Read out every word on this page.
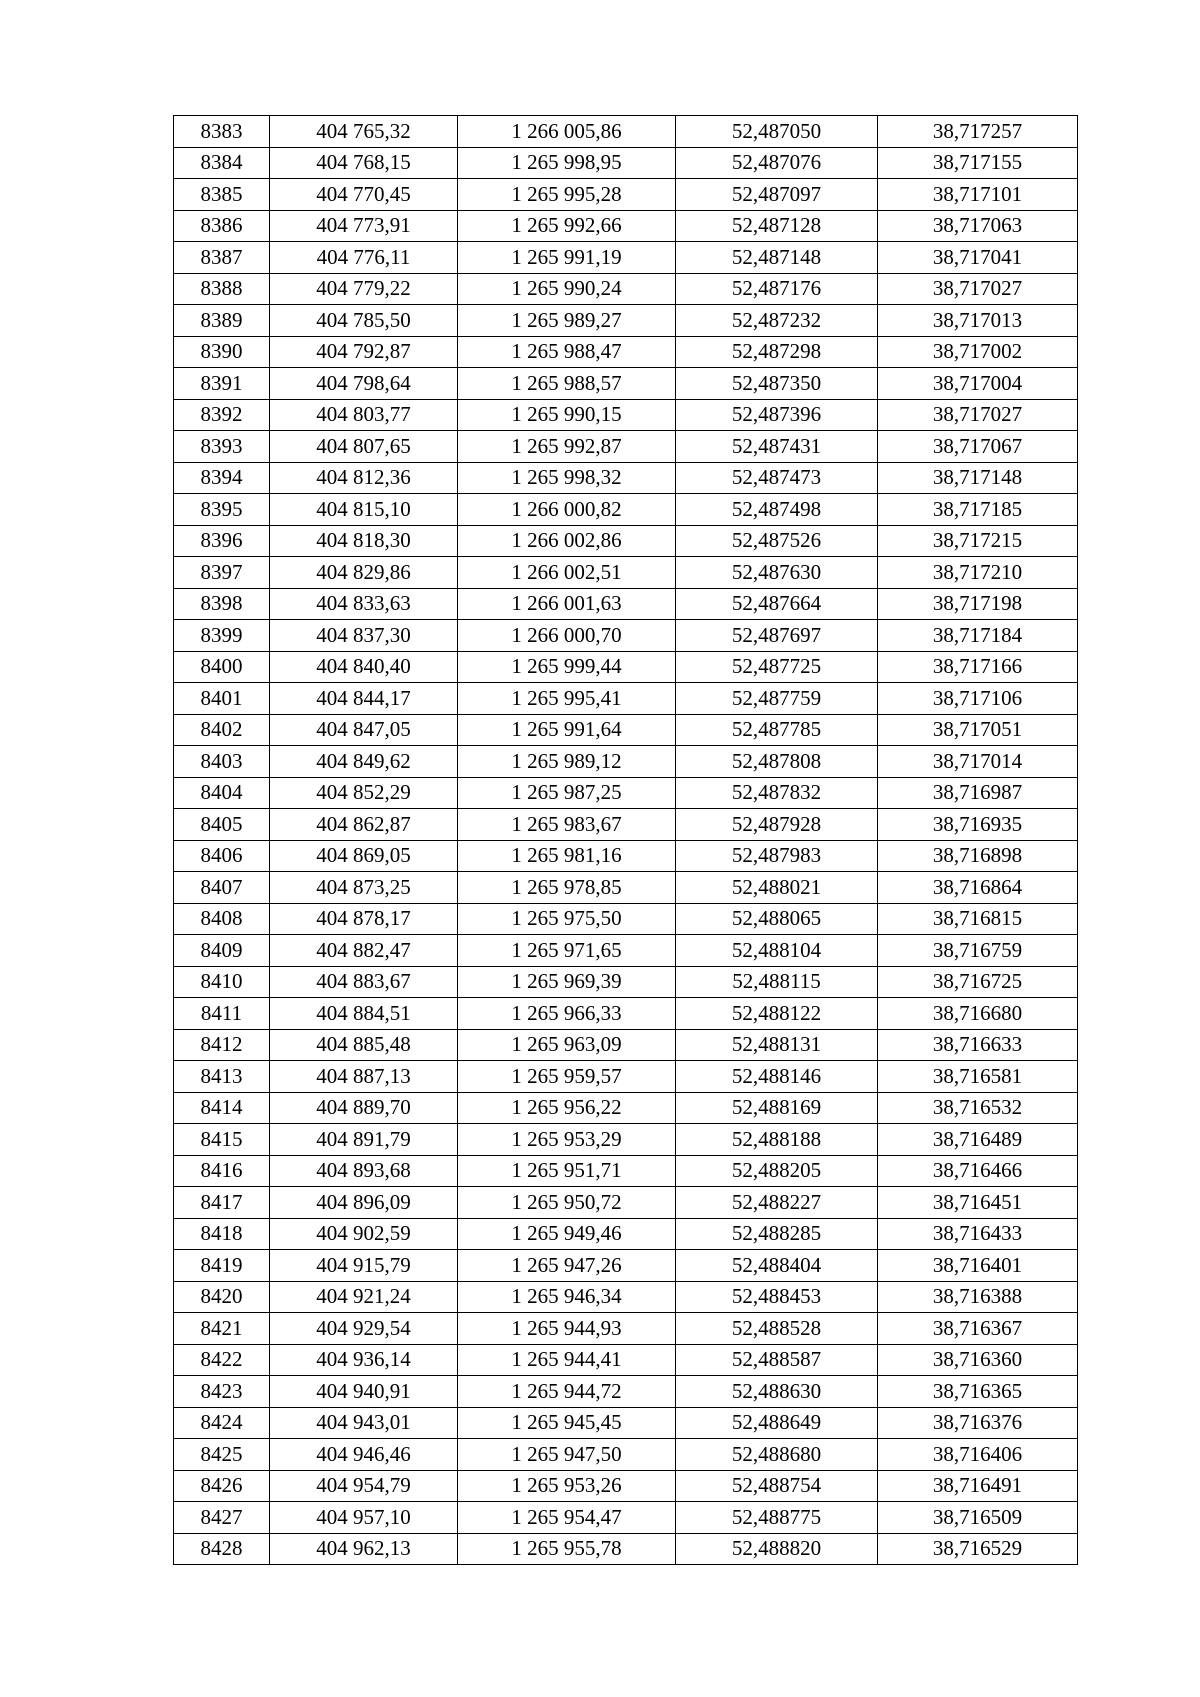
8383	404 765,32	1 266 005,86	52,487050	38,717257
8384	404 768,15	1 265 998,95	52,487076	38,717155
8385	404 770,45	1 265 995,28	52,487097	38,717101
8386	404 773,91	1 265 992,66	52,487128	38,717063
8387	404 776,11	1 265 991,19	52,487148	38,717041
8388	404 779,22	1 265 990,24	52,487176	38,717027
8389	404 785,50	1 265 989,27	52,487232	38,717013
8390	404 792,87	1 265 988,47	52,487298	38,717002
8391	404 798,64	1 265 988,57	52,487350	38,717004
8392	404 803,77	1 265 990,15	52,487396	38,717027
8393	404 807,65	1 265 992,87	52,487431	38,717067
8394	404 812,36	1 265 998,32	52,487473	38,717148
8395	404 815,10	1 266 000,82	52,487498	38,717185
8396	404 818,30	1 266 002,86	52,487526	38,717215
8397	404 829,86	1 266 002,51	52,487630	38,717210
8398	404 833,63	1 266 001,63	52,487664	38,717198
8399	404 837,30	1 266 000,70	52,487697	38,717184
8400	404 840,40	1 265 999,44	52,487725	38,717166
8401	404 844,17	1 265 995,41	52,487759	38,717106
8402	404 847,05	1 265 991,64	52,487785	38,717051
8403	404 849,62	1 265 989,12	52,487808	38,717014
8404	404 852,29	1 265 987,25	52,487832	38,716987
8405	404 862,87	1 265 983,67	52,487928	38,716935
8406	404 869,05	1 265 981,16	52,487983	38,716898
8407	404 873,25	1 265 978,85	52,488021	38,716864
8408	404 878,17	1 265 975,50	52,488065	38,716815
8409	404 882,47	1 265 971,65	52,488104	38,716759
8410	404 883,67	1 265 969,39	52,488115	38,716725
8411	404 884,51	1 265 966,33	52,488122	38,716680
8412	404 885,48	1 265 963,09	52,488131	38,716633
8413	404 887,13	1 265 959,57	52,488146	38,716581
8414	404 889,70	1 265 956,22	52,488169	38,716532
8415	404 891,79	1 265 953,29	52,488188	38,716489
8416	404 893,68	1 265 951,71	52,488205	38,716466
8417	404 896,09	1 265 950,72	52,488227	38,716451
8418	404 902,59	1 265 949,46	52,488285	38,716433
8419	404 915,79	1 265 947,26	52,488404	38,716401
8420	404 921,24	1 265 946,34	52,488453	38,716388
8421	404 929,54	1 265 944,93	52,488528	38,716367
8422	404 936,14	1 265 944,41	52,488587	38,716360
8423	404 940,91	1 265 944,72	52,488630	38,716365
8424	404 943,01	1 265 945,45	52,488649	38,716376
8425	404 946,46	1 265 947,50	52,488680	38,716406
8426	404 954,79	1 265 953,26	52,488754	38,716491
8427	404 957,10	1 265 954,47	52,488775	38,716509
8428	404 962,13	1 265 955,78	52,488820	38,716529
